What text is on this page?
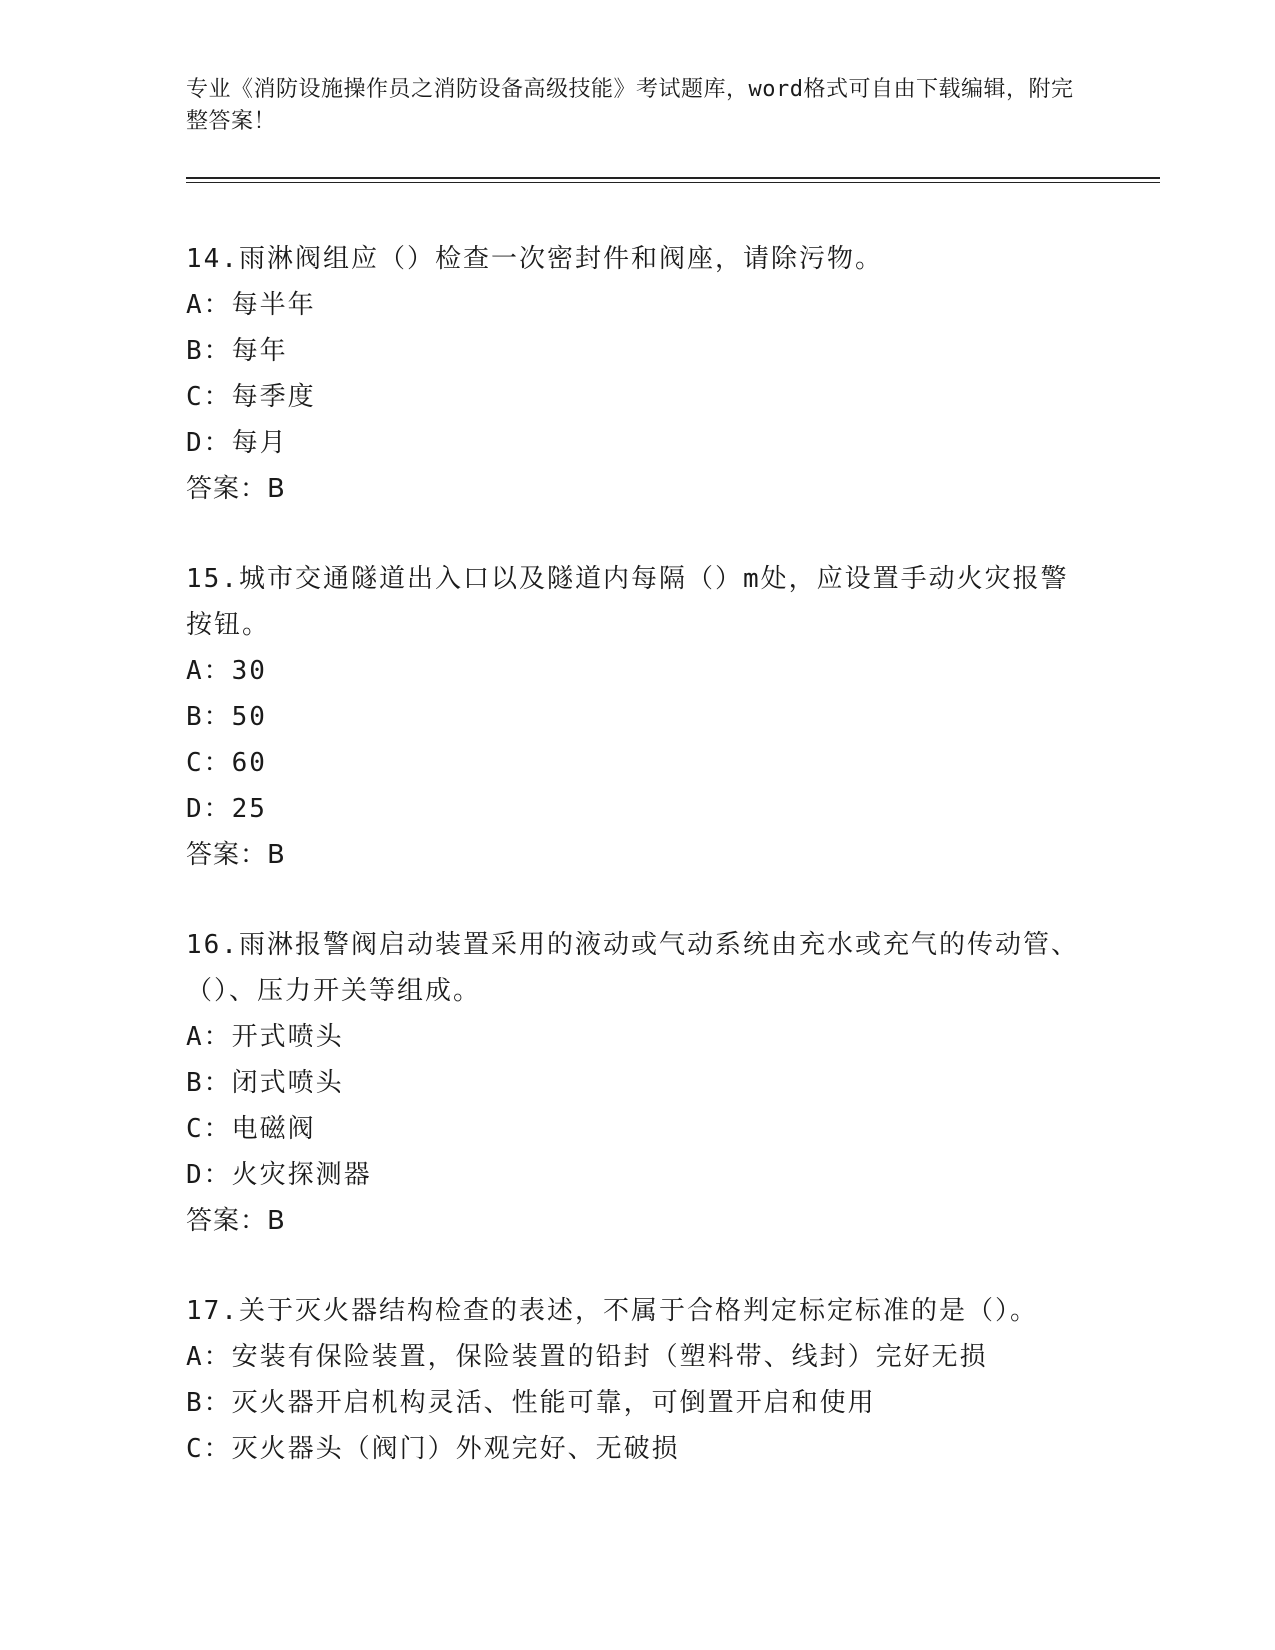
专业《消防设施操作员之消防设备高级技能》考试题库，word格式可自由下载编辑，附完整答案！

14.雨淋阀组应（）检查一次密封件和阀座，请除污物。

A：每半年

B：每年

C：每季度

D：每月

答案：B

15.城市交通隧道出入口以及隧道内每隔（）m处，应设置手动火灾报警按钮。

A：30

B：50

C：60

D：25

答案：B

16.雨淋报警阀启动装置采用的液动或气动系统由充水或充气的传动管、（）、压力开关等组成。

A：开式喷头

B：闭式喷头

C：电磁阀

D：火灾探测器

答案：B

17.关于灭火器结构检查的表述，不属于合格判定标定标准的是（）。

A：安装有保险装置，保险装置的铅封（塑料带、线封）完好无损

B：灭火器开启机构灵活、性能可靠，可倒置开启和使用

C：灭火器头（阀门）外观完好、无破损
